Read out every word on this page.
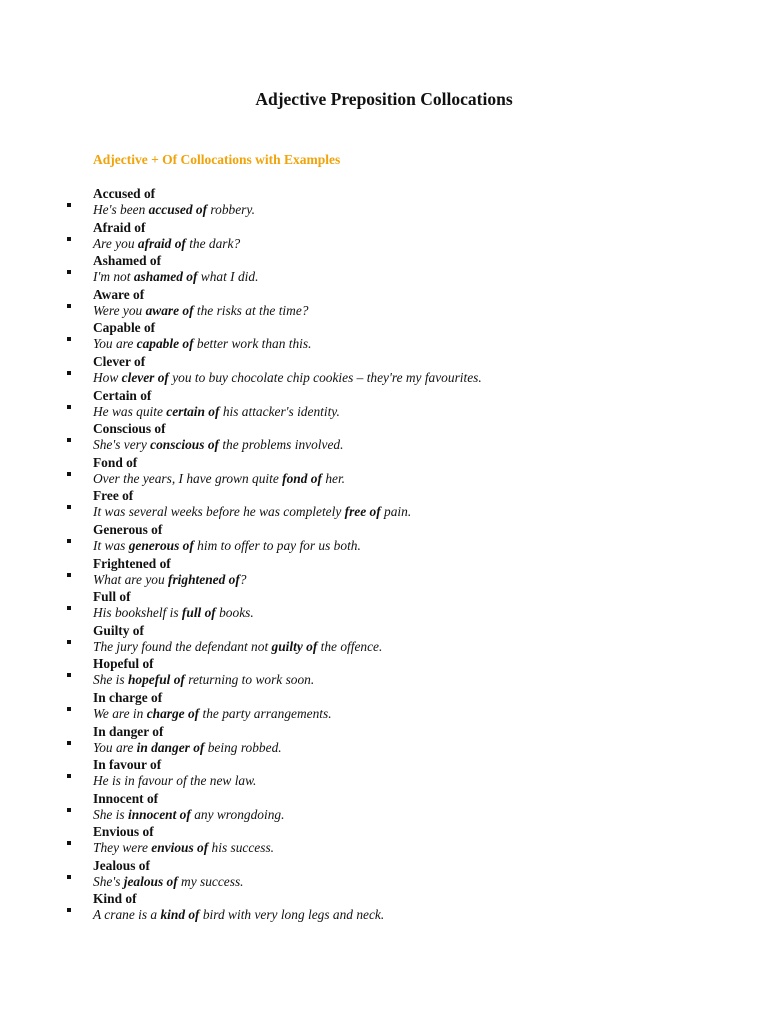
Adjective Preposition Collocations
Adjective + Of Collocations with Examples
Accused of
He's been accused of robbery.
Afraid of
Are you afraid of the dark?
Ashamed of
I'm not ashamed of what I did.
Aware of
Were you aware of the risks at the time?
Capable of
You are capable of better work than this.
Clever of
How clever of you to buy chocolate chip cookies – they're my favourites.
Certain of
He was quite certain of his attacker's identity.
Conscious of
She's very conscious of the problems involved.
Fond of
Over the years, I have grown quite fond of her.
Free of
It was several weeks before he was completely free of pain.
Generous of
It was generous of him to offer to pay for us both.
Frightened of
What are you frightened of?
Full of
His bookshelf is full of books.
Guilty of
The jury found the defendant not guilty of the offence.
Hopeful of
She is hopeful of returning to work soon.
In charge of
We are in charge of the party arrangements.
In danger of
You are in danger of being robbed.
In favour of
He is in favour of the new law.
Innocent of
She is innocent of any wrongdoing.
Envious of
They were envious of his success.
Jealous of
She's jealous of my success.
Kind of
A crane is a kind of bird with very long legs and neck.
